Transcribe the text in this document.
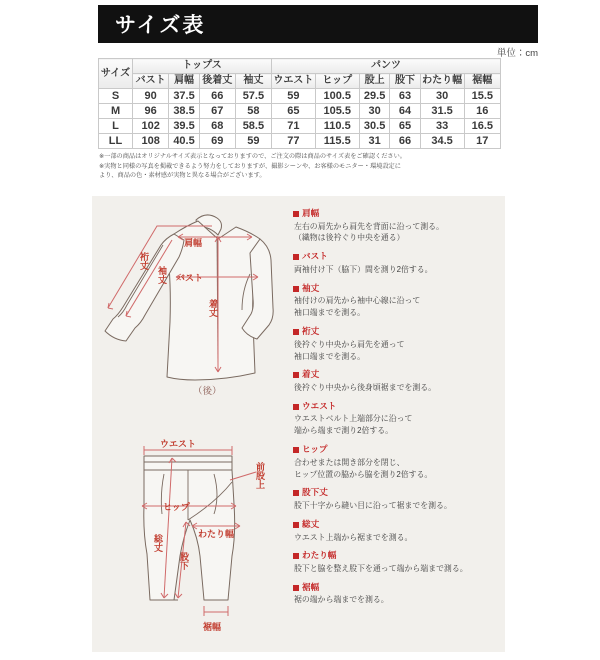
サイズ表
単位：cm
サイズ	トップス				パンツ					
	バスト	肩幅	後着丈	袖丈	ウエスト	ヒップ	股上	股下	わたり幅	裾幅
S	90	37.5	66	57.5	59	100.5	29.5	63	30	15.5
M	96	38.5	67	58	65	105.5	30	64	31.5	16
L	102	39.5	68	58.5	71	110.5	30.5	65	33	16.5
LL	108	40.5	69	59	77	115.5	31	66	34.5	17

※一部の商品はオリジナルサイズ表示となっておりますので、ご注文の際は商品のサイズ表をご確認ください。

※実物と同様の写真を掲載できるよう努力をしておりますが、撮影シーンや、お客様のモニター・環境設定に

より、商品の色・素材感が実物と異なる場合がございます。

肩幅
バスト
裄丈
袖丈
着丈
（後）
ウエスト
ヒップ
前股上
わたり幅
総丈
股下
裾幅
肩幅
左右の肩先から肩先を背面に沿って測る。
（織物は後衿ぐり中央を通る）
バスト
両袖付け下（脇下）間を測り2倍する。
袖丈
袖付けの肩先から袖中心線に沿って
袖口端までを測る。
裄丈
後衿ぐり中央から肩先を通って
袖口端までを測る。
着丈
後衿ぐり中央から後身頃裾までを測る。
ウエスト
ウエストベルト上端部分に沿って
端から端まで測り2倍する。
ヒップ
合わせまたは開き部分を閉じ、
ヒップ位置の脇から脇を測り2倍する。
股下丈
股下十字から縫い目に沿って裾までを測る。
総丈
ウエスト上端から裾までを測る。
わたり幅
股下と脇を整え股下を通って端から端まで測る。
裾幅
裾の端から端までを測る。
